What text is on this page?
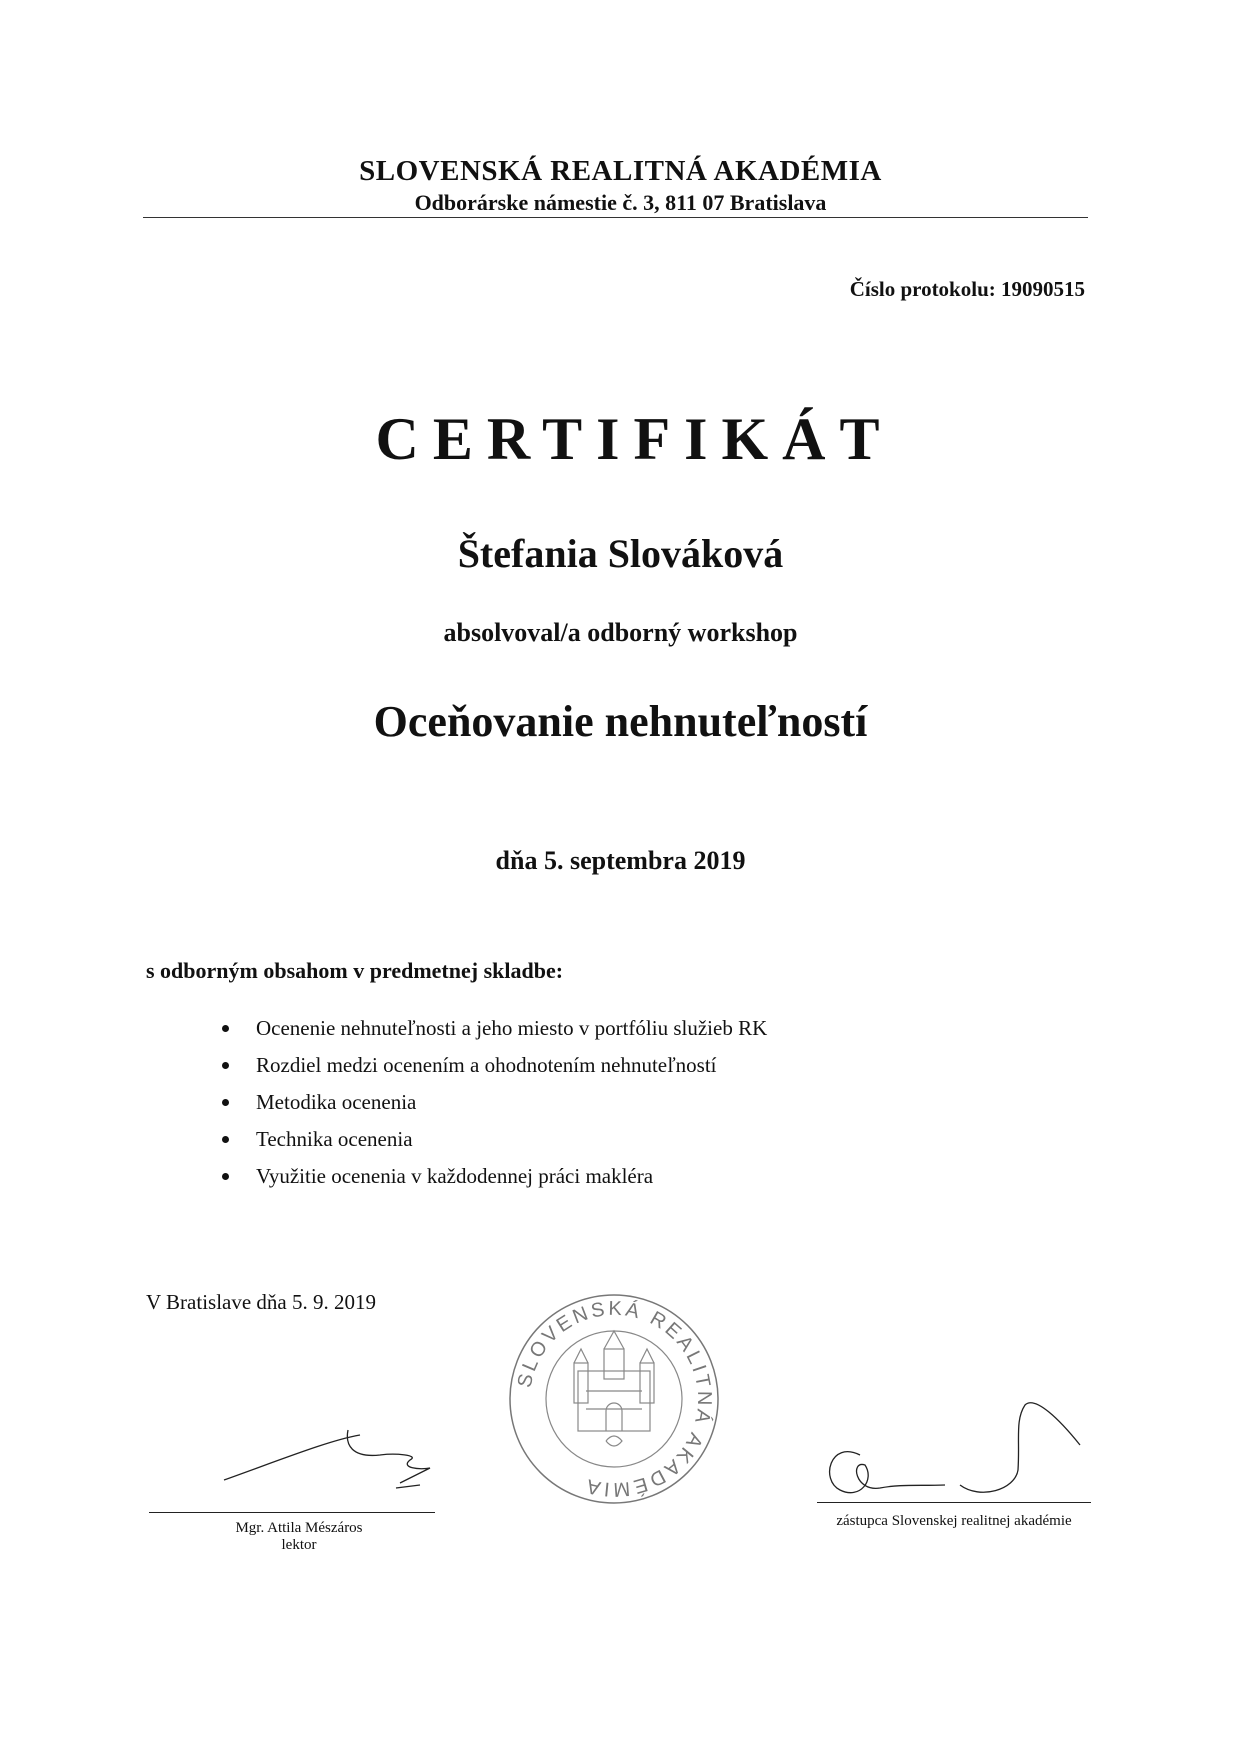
SLOVENSKÁ REALITNÁ AKADÉMIA
Odborárske námestie č. 3, 811 07 Bratislava
Číslo protokolu: 19090515
CERTIFIKÁT
Štefania Slováková
absolvoval/a odborný workshop
Oceňovanie nehnuteľností
dňa 5. septembra 2019
s odborným obsahom v predmetnej skladbe:
Ocenenie nehnuteľnosti a jeho miesto v portfóliu služieb RK
Rozdiel medzi ocenením a ohodnotením nehnuteľností
Metodika ocenenia
Technika ocenenia
Využitie ocenenia v každodennej práci makléra
V Bratislave dňa 5. 9. 2019
SLOVENSKÁ REALITNÁ AKADÉMIA
Mgr. Attila Mészáros
lektor
zástupca Slovenskej realitnej akadémie
